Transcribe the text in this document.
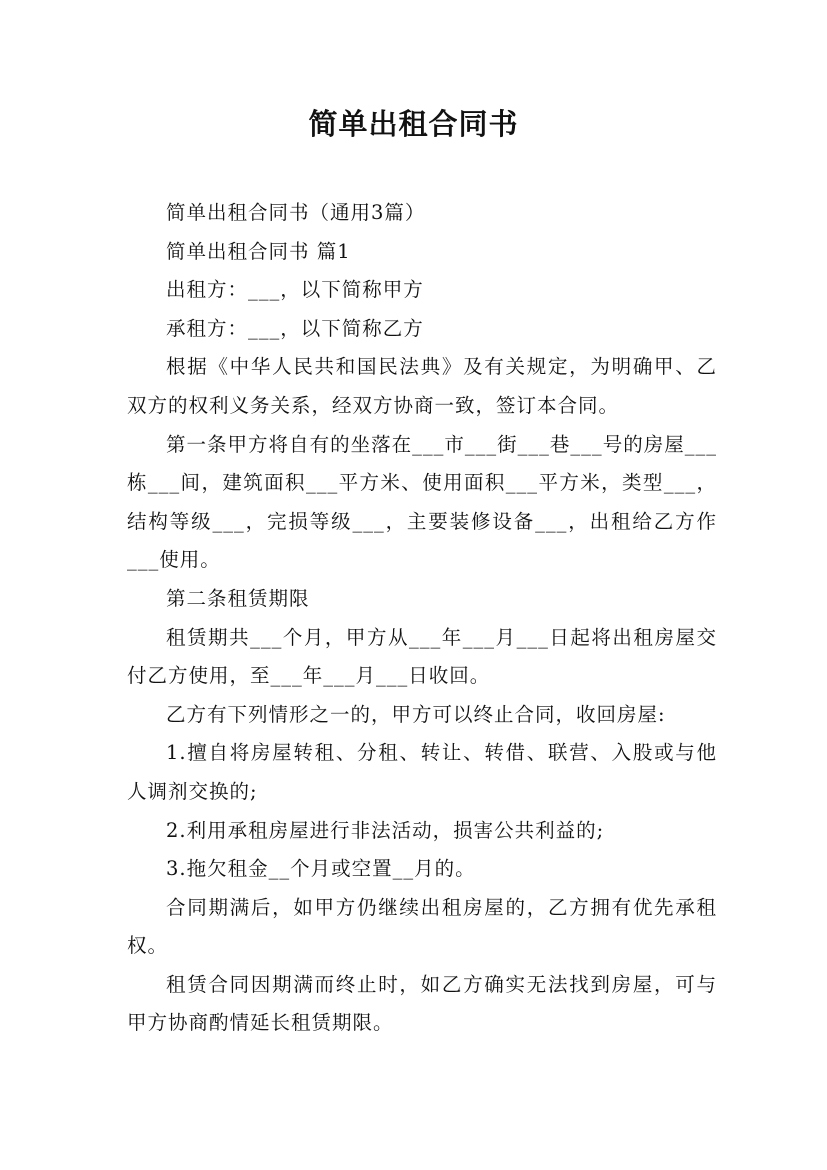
简单出租合同书

简单出租合同书（通用3篇）

简单出租合同书 篇1

出租方：___，以下简称甲方

承租方：___，以下简称乙方

根据《中华人民共和国民法典》及有关规定，为明确甲、乙双方的权利义务关系，经双方协商一致，签订本合同。

第一条甲方将自有的坐落在___市___街___巷___号的房屋___栋___间，建筑面积___平方米、使用面积___平方米，类型___，结构等级___，完损等级___，主要装修设备___，出租给乙方作___使用。

第二条租赁期限

租赁期共___个月，甲方从___年___月___日起将出租房屋交付乙方使用，至___年___月___日收回。

乙方有下列情形之一的，甲方可以终止合同，收回房屋:

1.擅自将房屋转租、分租、转让、转借、联营、入股或与他人调剂交换的;

2.利用承租房屋进行非法活动，损害公共利益的;

3.拖欠租金__个月或空置__月的。

合同期满后，如甲方仍继续出租房屋的，乙方拥有优先承租权。

租赁合同因期满而终止时，如乙方确实无法找到房屋，可与甲方协商酌情延长租赁期限。
